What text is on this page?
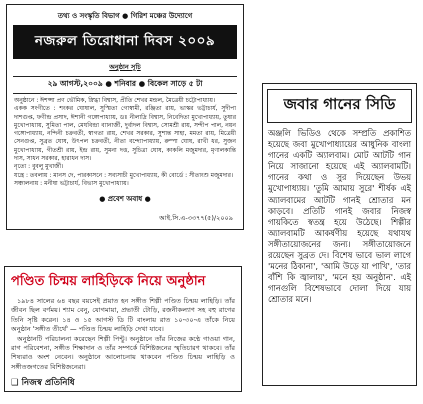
তথ্য ও সংস্কৃতি বিভাগ ● গিরিশ মঞ্চের উদ্যোগে
নজরুল তিরোধানা দিবস ২০০৯
অনুষ্ঠান সূচি
২৯ আগস্ট,২০০৯ ● শনিবার ● বিকেল সাড়ে ৫ টা

অনুষ্ঠানে : ঈশপ্সা প্রণ ভৌমিক, স্নিগ্ধা বিশ্বাস, প্রীতি শেখর মন্ডল, মৈত্রেয়ী চট্টোপাধ্যায়।

একক সংগীতে : শংকর ঘোষাল, সুস্মিতা গোস্বামী, রঞ্জিতা রায়, ভাস্কর ভট্টাচার্য, সুদীপা দাশগুপ্ত, ফণীন্দ্র প্রসাদ, ঈশানী গঙ্গোপাধ্যায়, ডঃ নীলাদ্রি বিশ্বাস, নিবেদিতা মুখোপাধ্যায়, তুষার মুখোপাধ্যায়, সুমিতা পাল, মেঘবিন্দ্রা ব্যানার্জী, দুর্বাদল বিশ্বাস, সোমশ্রী রায়, সন্দীপ পাল, নয়ন গঙ্গোপাধ্যায়, নন্দিনী চক্রবর্তী, স্বাগতা রায়, শেখর সরকার, সুশান্ত সাহা, মমতা রায়, মিত্রেয়ী সেনগুপ্ত, সুব্রত ঘোষ, উৎপল চক্রবর্তী, নীতা বন্দ্যোপাধ্যায়, রুম্পা ঘোষ, রাখী ধর, সুজন মুখোপাধ্যায়, গীতশ্রী রায়, ইন্দ্র রায়, সুমনা দত্ত, সুচিত্রা ঘোষ, কাকলি মজুমদার, মৃণালকান্তি দাস, সাধন সরকার, হারাধন দাস।

নৃত্যে : বুবলু মুখার্জী।

যন্ত্রে : তবলায় : মানস দে, পারকাসনে : সব্যসাচী মুখোপাধ্যায়, কী বোর্ডে : সীতাংশু মজুমদার।

সঞ্চালনায় : মনীষা ভট্টাচার্য, বিভাস মুখোপাধ্যায়।

● প্রবেশ অবাধ ●
আই.সি.এ-৩৩৭৭(৫)/২০০৯
জবার গানের সিডি
অঞ্জলি ভিডিও থেকে সম্প্রতি প্রকাশিত হয়েছে জবা মুখোপাধ্যায়ের আধুনিক বাংলা গানের একটি অ্যালবাম। মোট আটটি গান নিয়ে সাজানো হয়েছে এই অ্যালবামটি। গানের কথা ও সুর দিয়েছেন উভয় মুখোপাধ্যায়। 'তুমি আমায় সুরে' শীর্ষক এই অ্যালবামের আটটি গানই শ্রোতার মন কাড়বে। প্রতিটি গানই জবার নিজস্ব গায়কিতে স্বতন্ত্র হয়ে উঠেছে। শিল্পীর অ্যালবামটি আকর্ষণীয় হয়েছে যথাযথ সঙ্গীতায়োজনের জন্য। সঙ্গীতায়োজনে রয়েছেন সুব্রত দে। বিশেষ ভাবে ভাল লাগে 'মনের ঠিকানা', 'আমি উড়ে যা পাখি', 'তার বাঁশি কি জ্বালায়', 'মনে হয় অনুষ্ঠান'. এই গানগুলি বিশেষভাবে দোলা দিয়ে যায় শ্রোতার মনে।
পণ্ডিত চিন্ময় লাহিড়িকে নিয়ে অনুষ্ঠান

১৯৮৪ সালের ৬৪ বছর বয়সেই প্রয়াত হন সঙ্গীত শিল্পী পণ্ডিত চিন্ময় লাহিড়ি। তাঁর জীবন ছিল বর্ণময়। শ্যাম বেনু, যোগমায়া, প্রভাতী টোড়ি, রজনীকল্যাণ সহ বহু রাগের তিনি সৃষ্টি করেন। ১৪ ও ১৫ আগস্ট ডি টি বাংলায় রাত ১০-৩০-এ তাঁকে নিয়ে অনুষ্ঠান 'সঙ্গীত তীর্থে' — পণ্ডিত চিন্ময় লাহিড়ি দেখা যাবে।

অনুষ্ঠানটি পরিচালনা করেছেন শিল্পী পিন্টু। অনুষ্ঠানে তাঁর নিজের কণ্ঠে গাওয়া গান, রাগ পরিবেশনা, সঙ্গীত শিক্ষাদান ও তাঁর সম্পর্কে বিশিষ্টজনের স্মৃতিচারণ থাকবে। তাঁর শিষ্যরাও অংশ নেবেন। অনুষ্ঠানে আলোচনায় থাকবেন পণ্ডিত চিন্ময় লাহিড়ি ও সঙ্গীতজগতের বিশিষ্টজনেরা।

❑ নিজস্ব প্রতিনিধি
